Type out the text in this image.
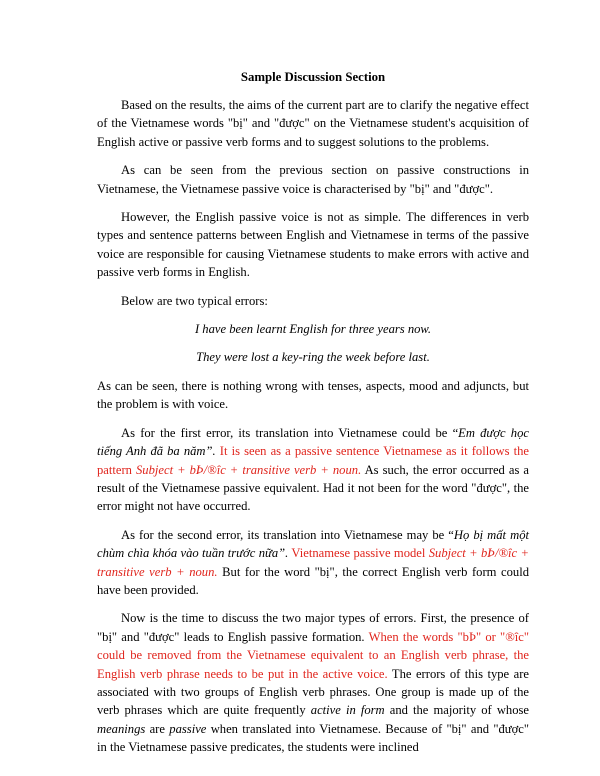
Sample Discussion Section

Based on the results, the aims of the current part are to clarify the negative effect of the Vietnamese words "bị" and "được" on the Vietnamese student's acquisition of English active or passive verb forms and to suggest solutions to the problems.

As can be seen from the previous section on passive constructions in Vietnamese, the Vietnamese passive voice is characterised by "bị" and "được".

However, the English passive voice is not as simple. The differences in verb types and sentence patterns between English and Vietnamese in terms of the passive voice are responsible for causing Vietnamese students to make errors with active and passive verb forms in English.

Below are two typical errors:

I have been learnt English for three years now.

They were lost a key-ring the week before last.

As can be seen, there is nothing wrong with tenses, aspects, mood and adjuncts, but the problem is with voice.

As for the first error, its translation into Vietnamese could be “Em được học tiếng Anh đã ba năm”. It is seen as a passive sentence Vietnamese as it follows the pattern Subject + bÞ/®îc + transitive verb + noun. As such, the error occurred as a result of the Vietnamese passive equivalent. Had it not been for the word "được", the error might not have occurred.

As for the second error, its translation into Vietnamese may be “Họ bị mất một chùm chìa khóa vào tuần trước nữa”. Vietnamese passive model Subject + bÞ/®îc + transitive verb + noun. But for the word "bị", the correct English verb form could have been provided.

Now is the time to discuss the two major types of errors. First, the presence of "bị" and "được" leads to English passive formation. When the words "bÞ" or "®îc" could be removed from the Vietnamese equivalent to an English verb phrase, the English verb phrase needs to be put in the active voice. The errors of this type are associated with two groups of English verb phrases. One group is made up of the verb phrases which are quite frequently active in form and the majority of whose meanings are passive when translated into Vietnamese. Because of "bị" and "được" in the Vietnamese passive predicates, the students were inclined
